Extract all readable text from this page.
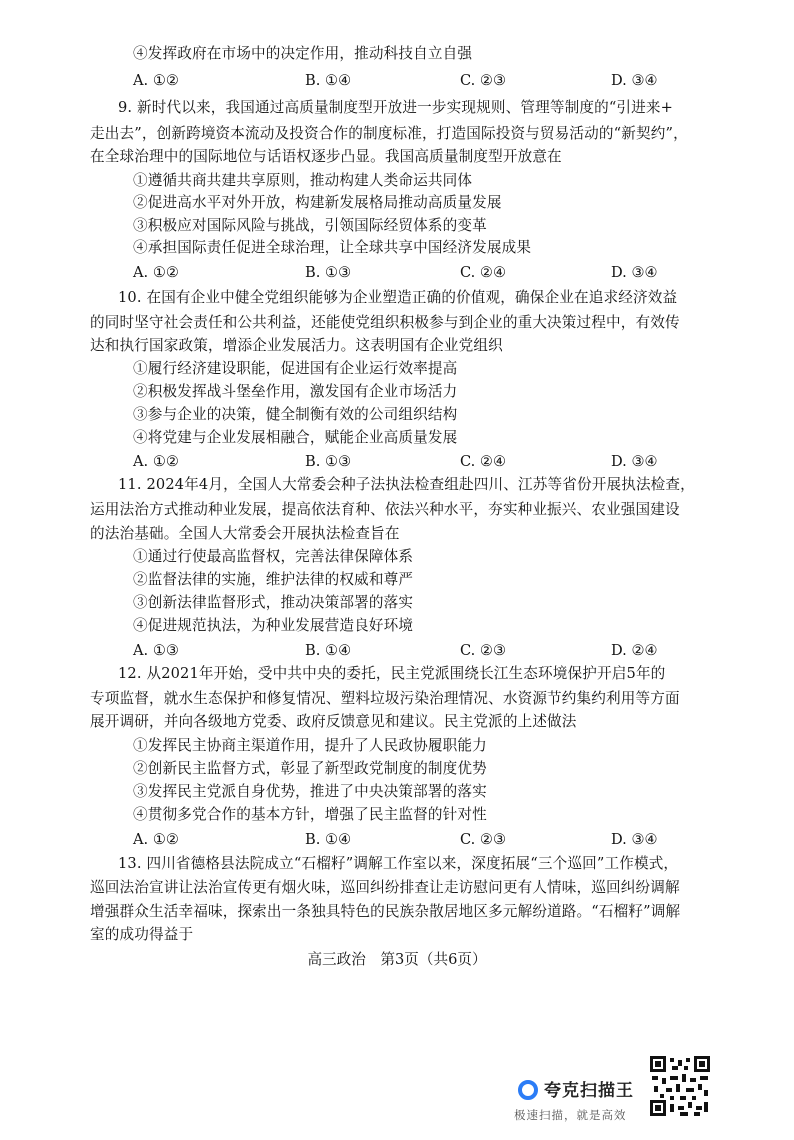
④发挥政府在市场中的决定作用，推动科技自立自强
A. ①②	B. ①④	C. ②③	D. ③④
9. 新时代以来，我国通过高质量制度型开放进一步实现规则、管理等制度的“引进来+
走出去”，创新跨境资本流动及投资合作的制度标准，打造国际投资与贸易活动的“新契约”，
在全球治理中的国际地位与话语权逐步凸显。我国高质量制度型开放意在
①遵循共商共建共享原则，推动构建人类命运共同体
②促进高水平对外开放，构建新发展格局推动高质量发展
③积极应对国际风险与挑战，引领国际经贸体系的变革
④承担国际责任促进全球治理，让全球共享中国经济发展成果
A. ①②	B. ①③	C. ②④	D. ③④
10. 在国有企业中健全党组织能够为企业塑造正确的价值观，确保企业在追求经济效益
的同时坚守社会责任和公共利益，还能使党组织积极参与到企业的重大决策过程中，有效传
达和执行国家政策，增添企业发展活力。这表明国有企业党组织
①履行经济建设职能，促进国有企业运行效率提高
②积极发挥战斗堡垒作用，激发国有企业市场活力
③参与企业的决策，健全制衡有效的公司组织结构
④将党建与企业发展相融合，赋能企业高质量发展
A. ①②	B. ①③	C. ②④	D. ③④
11. 2024年4月，全国人大常委会种子法执法检查组赴四川、江苏等省份开展执法检查，
运用法治方式推动种业发展，提高依法育种、依法兴种水平，夯实种业振兴、农业强国建设
的法治基础。全国人大常委会开展执法检查旨在
①通过行使最高监督权，完善法律保障体系
②监督法律的实施，维护法律的权威和尊严
③创新法律监督形式，推动决策部署的落实
④促进规范执法，为种业发展营造良好环境
A. ①③	B. ①④	C. ②③	D. ②④
12. 从2021年开始，受中共中央的委托，民主党派围绕长江生态环境保护开启5年的
专项监督，就水生态保护和修复情况、塑料垃圾污染治理情况、水资源节约集约利用等方面
展开调研，并向各级地方党委、政府反馈意见和建议。民主党派的上述做法
①发挥民主协商主渠道作用，提升了人民政协履职能力
②创新民主监督方式，彰显了新型政党制度的制度优势
③发挥民主党派自身优势，推进了中央决策部署的落实
④贯彻多党合作的基本方针，增强了民主监督的针对性
A. ①②	B. ①④	C. ②③	D. ③④
13. 四川省德格县法院成立“石榴籽”调解工作室以来，深度拓展“三个巡回”工作模式，
巡回法治宣讲让法治宣传更有烟火味，巡回纠纷排查让走访慰问更有人情味，巡回纠纷调解
增强群众生活幸福味，探索出一条独具特色的民族杂散居地区多元解纷道路。“石榴籽”调解
室的成功得益于
高三政治　第3页（共6页）
夸克扫描王
极速扫描，就是高效
